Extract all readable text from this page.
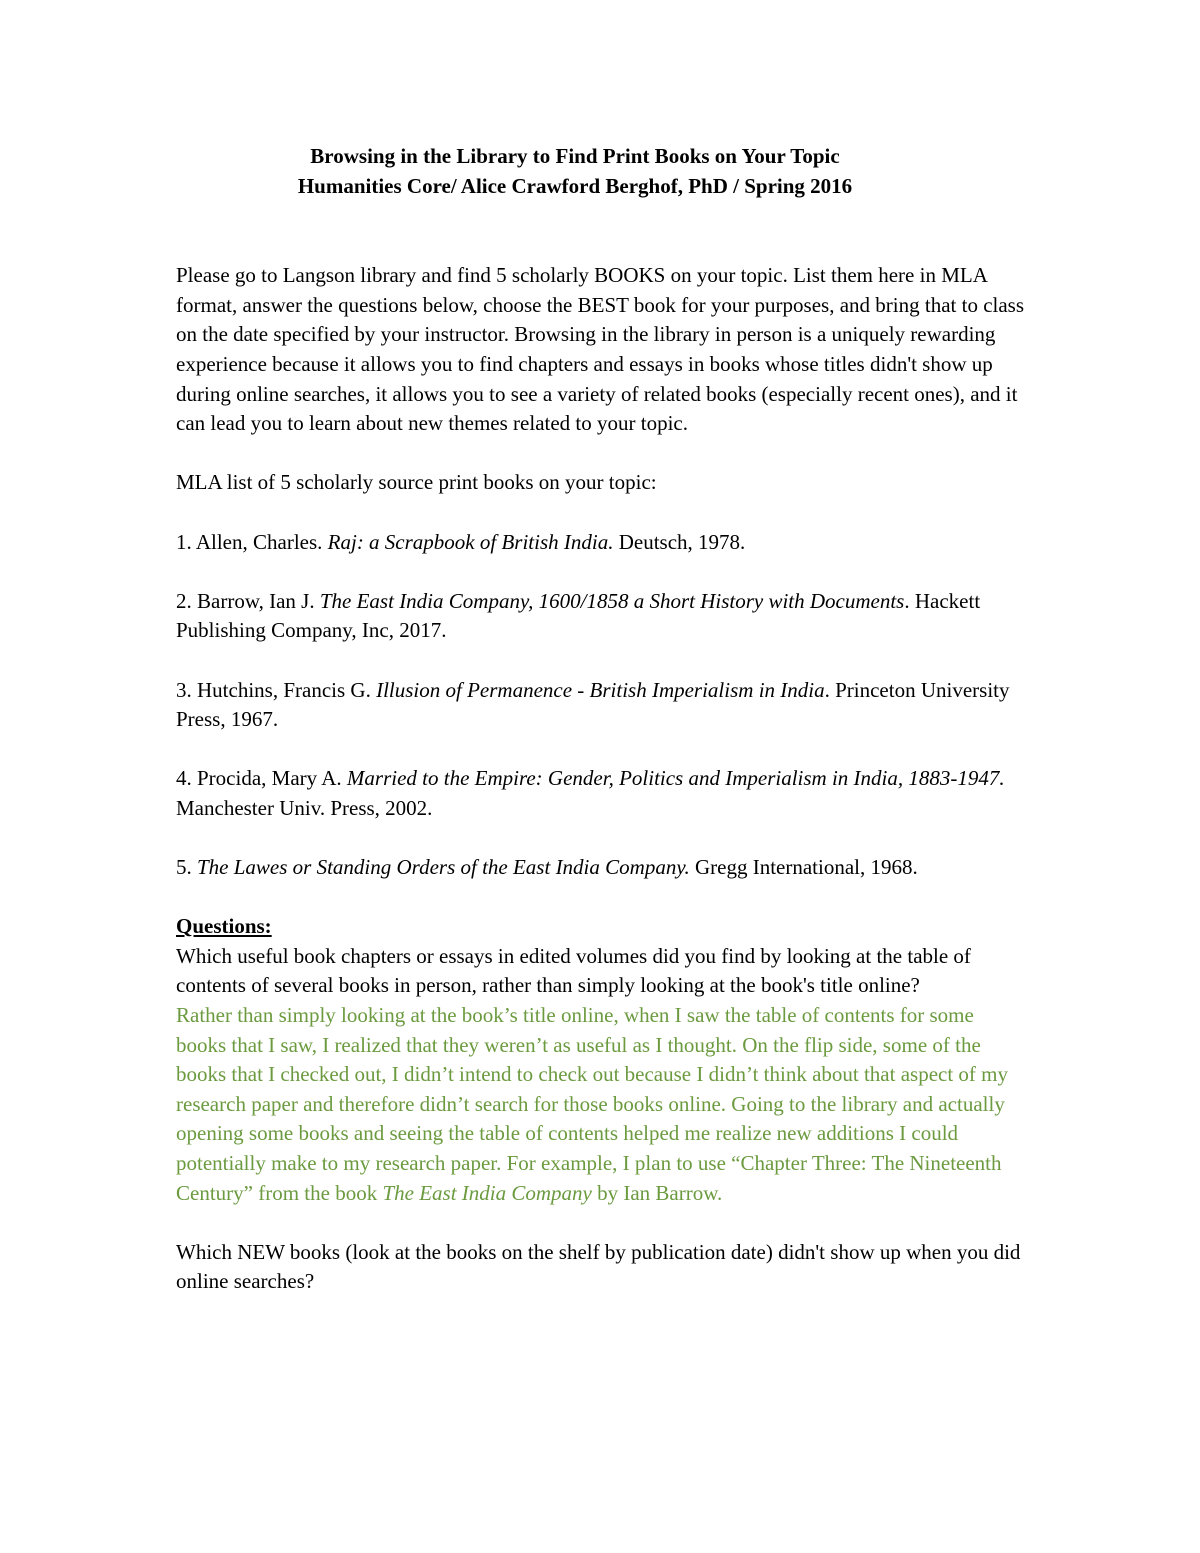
Browsing in the Library to Find Print Books on Your Topic
Humanities Core/ Alice Crawford Berghof, PhD / Spring 2016

Please go to Langson library and find 5 scholarly BOOKS on your topic. List them here in MLA format, answer the questions below, choose the BEST book for your purposes, and bring that to class on the date specified by your instructor. Browsing in the library in person is a uniquely rewarding experience because it allows you to find chapters and essays in books whose titles didn't show up during online searches, it allows you to see a variety of related books (especially recent ones), and it can lead you to learn about new themes related to your topic.

MLA list of 5 scholarly source print books on your topic:

1. Allen, Charles. Raj: a Scrapbook of British India. Deutsch, 1978.

2. Barrow, Ian J. The East India Company, 1600/1858 a Short History with Documents. Hackett Publishing Company, Inc, 2017.

3. Hutchins, Francis G. Illusion of Permanence - British Imperialism in India. Princeton University Press, 1967.

4. Procida, Mary A. Married to the Empire: Gender, Politics and Imperialism in India, 1883-1947. Manchester Univ. Press, 2002.

5. The Lawes or Standing Orders of the East India Company. Gregg International, 1968.

Questions:

Which useful book chapters or essays in edited volumes did you find by looking at the table of contents of several books in person, rather than simply looking at the book's title online?

Rather than simply looking at the book’s title online, when I saw the table of contents for some books that I saw, I realized that they weren’t as useful as I thought. On the flip side, some of the books that I checked out, I didn’t intend to check out because I didn’t think about that aspect of my research paper and therefore didn’t search for those books online. Going to the library and actually opening some books and seeing the table of contents helped me realize new additions I could potentially make to my research paper. For example, I plan to use “Chapter Three: The Nineteenth Century” from the book The East India Company by Ian Barrow.

Which NEW books (look at the books on the shelf by publication date) didn't show up when you did online searches?
